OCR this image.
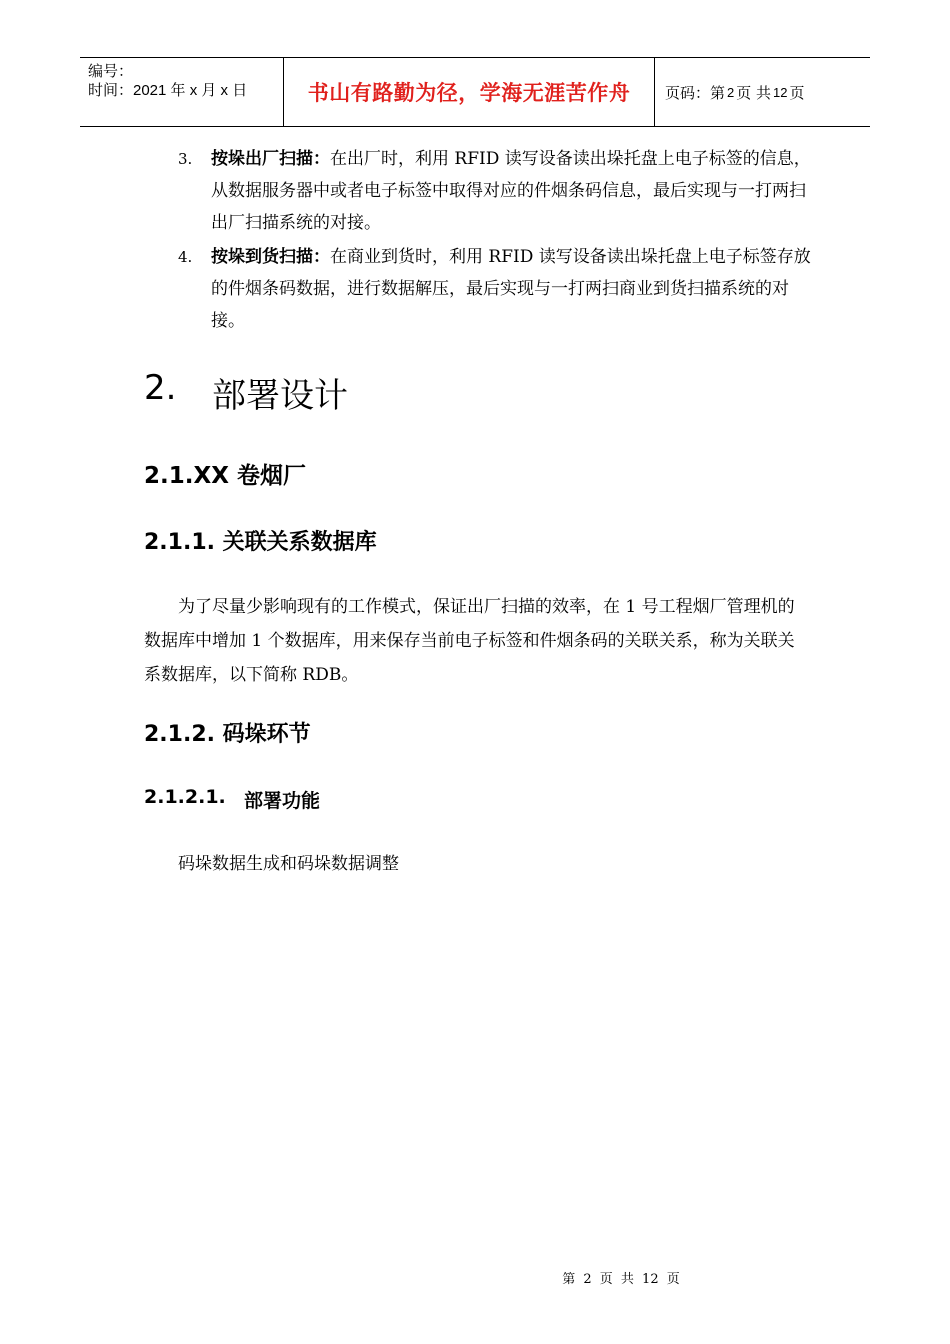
编号：
时间：2021 年 x 月 x 日	书山有路勤为径，学海无涯苦作舟	页码：第 2 页 共 12 页
3. 按垛出厂扫描：在出厂时，利用 RFID 读写设备读出垛托盘上电子标签的信息，从数据服务器中或者电子标签中取得对应的件烟条码信息，最后实现与一打两扫出厂扫描系统的对接。
4. 按垛到货扫描：在商业到货时，利用 RFID 读写设备读出垛托盘上电子标签存放的件烟条码数据，进行数据解压，最后实现与一打两扫商业到货扫描系统的对接。
2.	部署设计
2.1.XX 卷烟厂
2.1.1. 关联关系数据库
为了尽量少影响现有的工作模式，保证出厂扫描的效率，在 1 号工程烟厂管理机的数据库中增加 1 个数据库，用来保存当前电子标签和件烟条码的关联关系，称为关联关系数据库，以下简称 RDB。
2.1.2. 码垛环节
2.1.2.1. 部署功能
码垛数据生成和码垛数据调整
第 2 页 共 12 页
